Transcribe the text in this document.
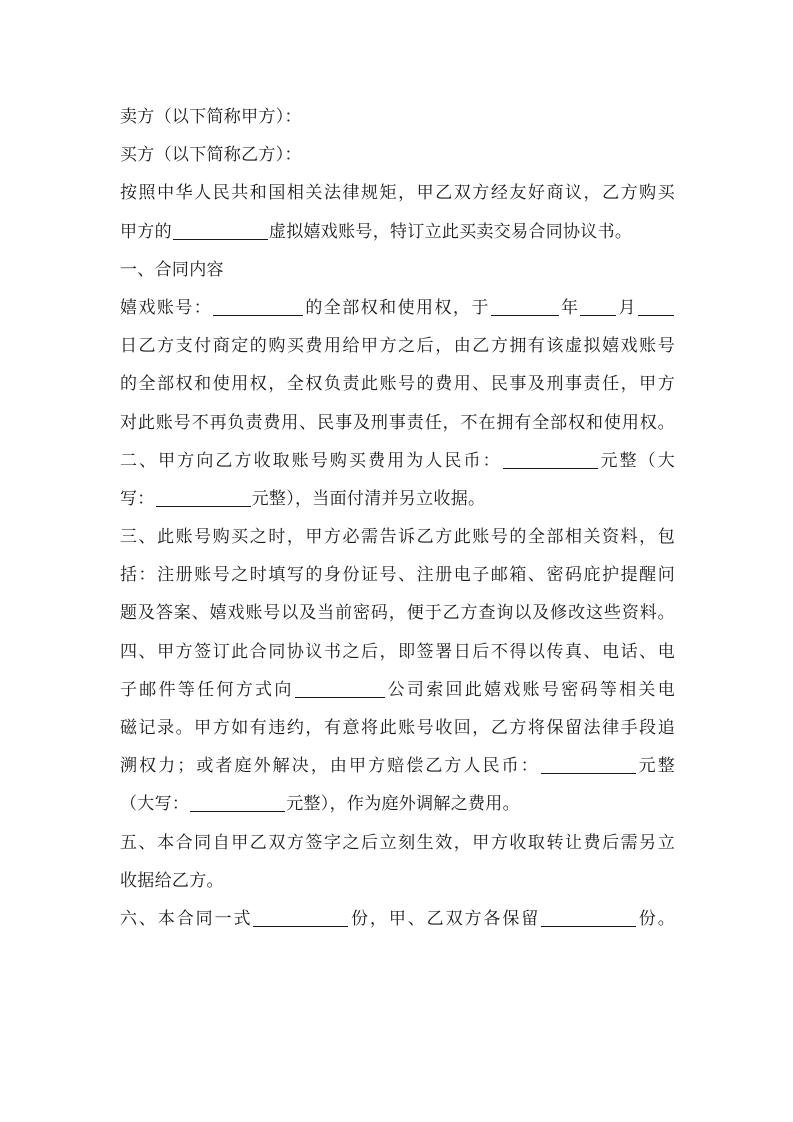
卖方（以下简称甲方）：
买方（以下简称乙方）：
按照中华人民共和国相关法律规矩，甲乙双方经友好商议，乙方购买
甲方的	虚拟嬉戏账号，特订立此买卖交易合同协议书。
一、合同内容
嬉戏账号：	的全部权和使用权，于	年 月
日乙方支付商定的购买费用给甲方之后，由乙方拥有该虚拟嬉戏账号
的全部权和使用权，全权负责此账号的费用、民事及刑事责任，甲方
对此账号不再负责费用、民事及刑事责任，不在拥有全部权和使用权。
二、甲方向乙方收取账号购买费用为人民币：	元整（大
写：	元整），当面付清并另立收据。
三、此账号购买之时，甲方必需告诉乙方此账号的全部相关资料，包
括：注册账号之时填写的身份证号、注册电子邮箱、密码庇护提醒问
题及答案、嬉戏账号以及当前密码，便于乙方查询以及修改这些资料。
四、甲方签订此合同协议书之后，即签署日后不得以传真、电话、电
子邮件等任何方式向	公司索回此嬉戏账号密码等相关电
磁记录。甲方如有违约，有意将此账号收回，乙方将保留法律手段追
溯权力；或者庭外解决，由甲方赔偿乙方人民币：	元整
（大写：	元整），作为庭外调解之费用。
五、本合同自甲乙双方签字之后立刻生效，甲方收取转让费后需另立
收据给乙方。
六、本合同一式	份，甲、乙双方各保留	份。
